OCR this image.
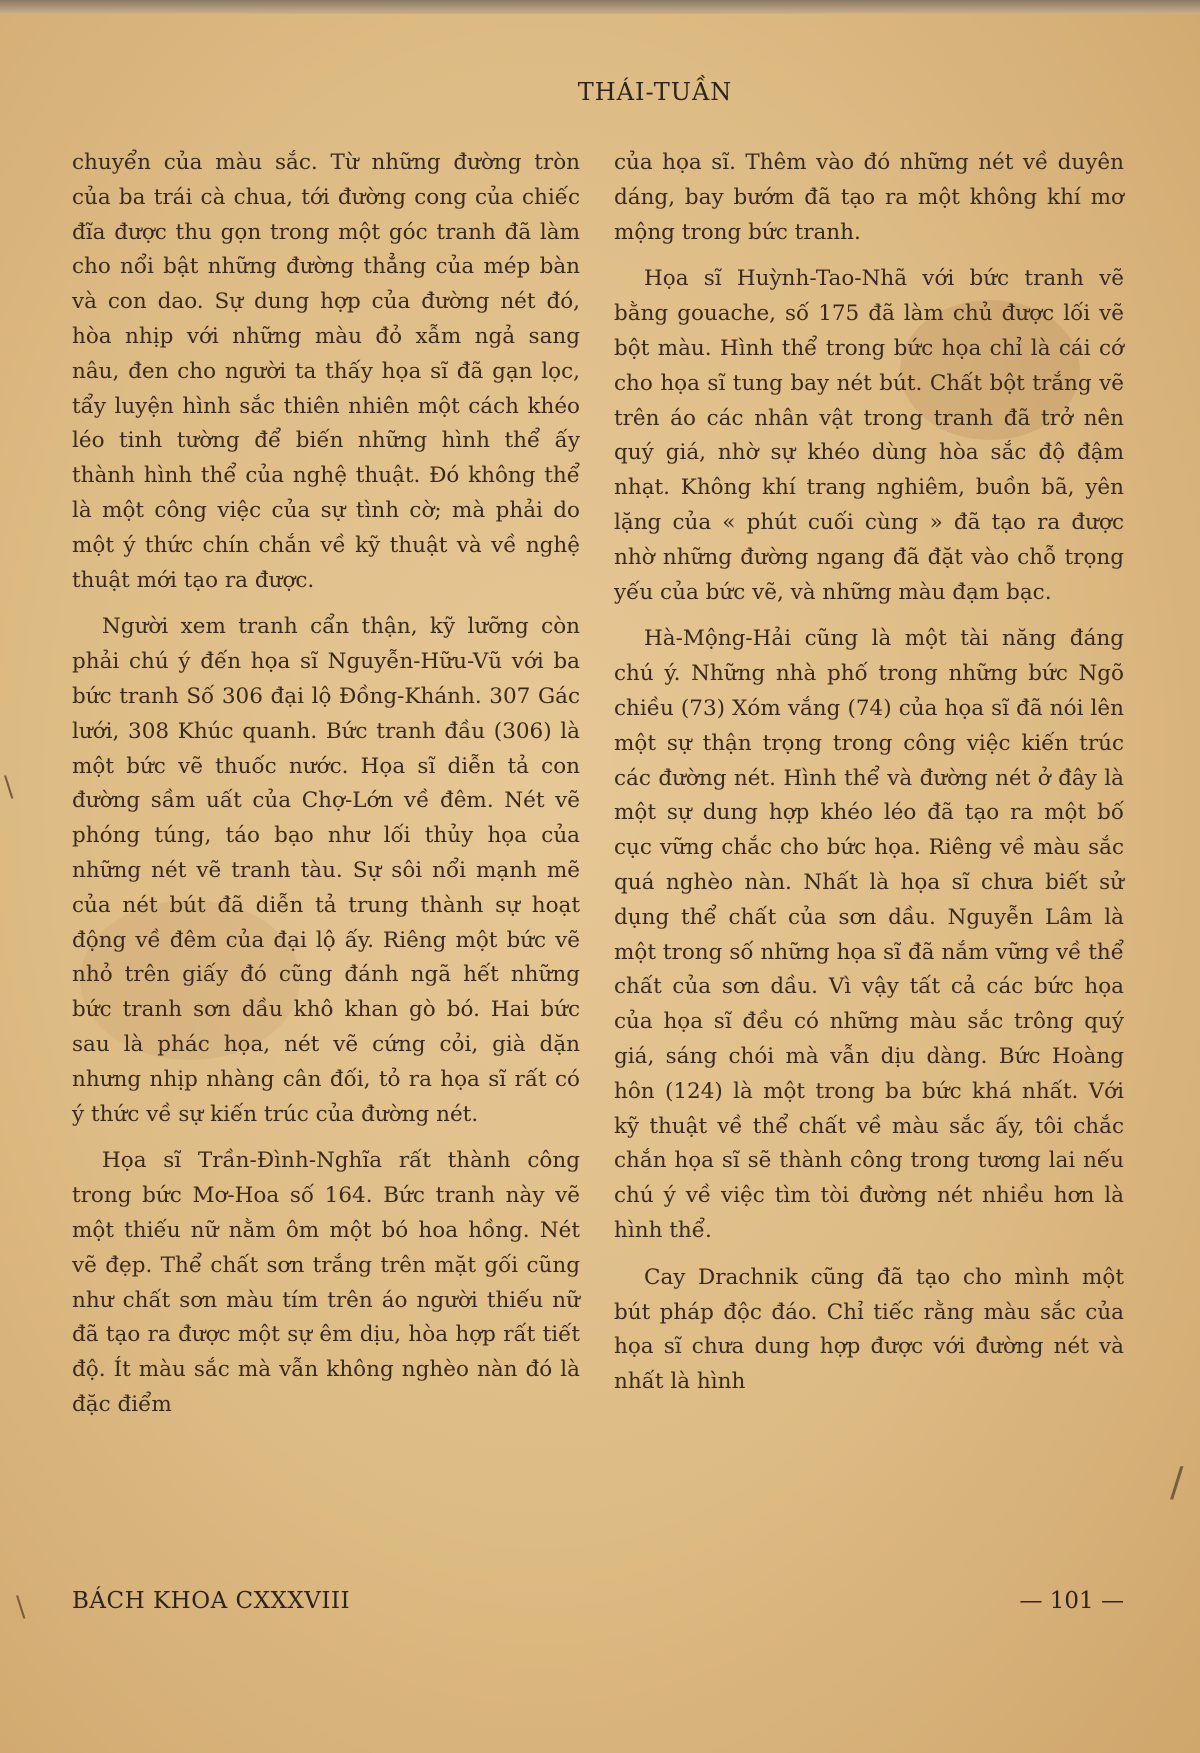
\
\
/
THÁI-TUẦN

chuyển của màu sắc. Từ những đường tròn của ba trái cà chua, tới đường cong của chiếc đĩa được thu gọn trong một góc tranh đã làm cho nổi bật những đường thẳng của mép bàn và con dao. Sự dung hợp của đường nét đó, hòa nhịp với những màu đỏ xẫm ngả sang nâu, đen cho người ta thấy họa sĩ đã gạn lọc, tẩy luyện hình sắc thiên nhiên một cách khéo léo tinh tường để biến những hình thể ấy thành hình thể của nghệ thuật. Đó không thể là một công việc của sự tình cờ; mà phải do một ý thức chín chắn về kỹ thuật và về nghệ thuật mới tạo ra được.

Người xem tranh cẩn thận, kỹ lưỡng còn phải chú ý đến họa sĩ Nguyễn-Hữu-Vũ với ba bức tranh Số 306 đại lộ Đồng-Khánh. 307 Gác lưới, 308 Khúc quanh. Bức tranh đầu (306) là một bức vẽ thuốc nước. Họa sĩ diễn tả con đường sầm uất của Chợ-Lớn về đêm. Nét vẽ phóng túng, táo bạo như lối thủy họa của những nét vẽ tranh tàu. Sự sôi nổi mạnh mẽ của nét bút đã diễn tả trung thành sự hoạt động về đêm của đại lộ ấy. Riêng một bức vẽ nhỏ trên giấy đó cũng đánh ngã hết những bức tranh sơn dầu khô khan gò bó. Hai bức sau là phác họa, nét vẽ cứng cỏi, già dặn nhưng nhịp nhàng cân đối, tỏ ra họa sĩ rất có ý thức về sự kiến trúc của đường nét.

Họa sĩ Trần-Đình-Nghĩa rất thành công trong bức Mơ-Hoa số 164. Bức tranh này vẽ một thiếu nữ nằm ôm một bó hoa hồng. Nét vẽ đẹp. Thể chất sơn trắng trên mặt gối cũng như chất sơn màu tím trên áo người thiếu nữ đã tạo ra được một sự êm dịu, hòa hợp rất tiết độ. Ít màu sắc mà vẫn không nghèo nàn đó là đặc điểm

của họa sĩ. Thêm vào đó những nét về duyên dáng, bay bướm đã tạo ra một không khí mơ mộng trong bức tranh.

Họa sĩ Huỳnh-Tao-Nhã với bức tranh vẽ bằng gouache, số 175 đã làm chủ được lối vẽ bột màu. Hình thể trong bức họa chỉ là cái cớ cho họa sĩ tung bay nét bút. Chất bột trắng vẽ trên áo các nhân vật trong tranh đã trở nên quý giá, nhờ sự khéo dùng hòa sắc độ đậm nhạt. Không khí trang nghiêm, buồn bã, yên lặng của « phút cuối cùng » đã tạo ra được nhờ những đường ngang đã đặt vào chỗ trọng yếu của bức vẽ, và những màu đạm bạc.

Hà-Mộng-Hải cũng là một tài năng đáng chú ý. Những nhà phố trong những bức Ngõ chiều (73) Xóm vắng (74) của họa sĩ đã nói lên một sự thận trọng trong công việc kiến trúc các đường nét. Hình thể và đường nét ở đây là một sự dung hợp khéo léo đã tạo ra một bố cục vững chắc cho bức họa. Riêng về màu sắc quá nghèo nàn. Nhất là họa sĩ chưa biết sử dụng thể chất của sơn dầu. Nguyễn Lâm là một trong số những họa sĩ đã nắm vững về thể chất của sơn dầu. Vì vậy tất cả các bức họa của họa sĩ đều có những màu sắc trông quý giá, sáng chói mà vẫn dịu dàng. Bức Hoàng hôn (124) là một trong ba bức khá nhất. Với kỹ thuật về thể chất về màu sắc ấy, tôi chắc chắn họa sĩ sẽ thành công trong tương lai nếu chú ý về việc tìm tòi đường nét nhiều hơn là hình thể.

Cay Drachnik cũng đã tạo cho mình một bút pháp độc đáo. Chỉ tiếc rằng màu sắc của họa sĩ chưa dung hợp được với đường nét và nhất là hình

BÁCH KHOA CXXXVIII	— 101 —
